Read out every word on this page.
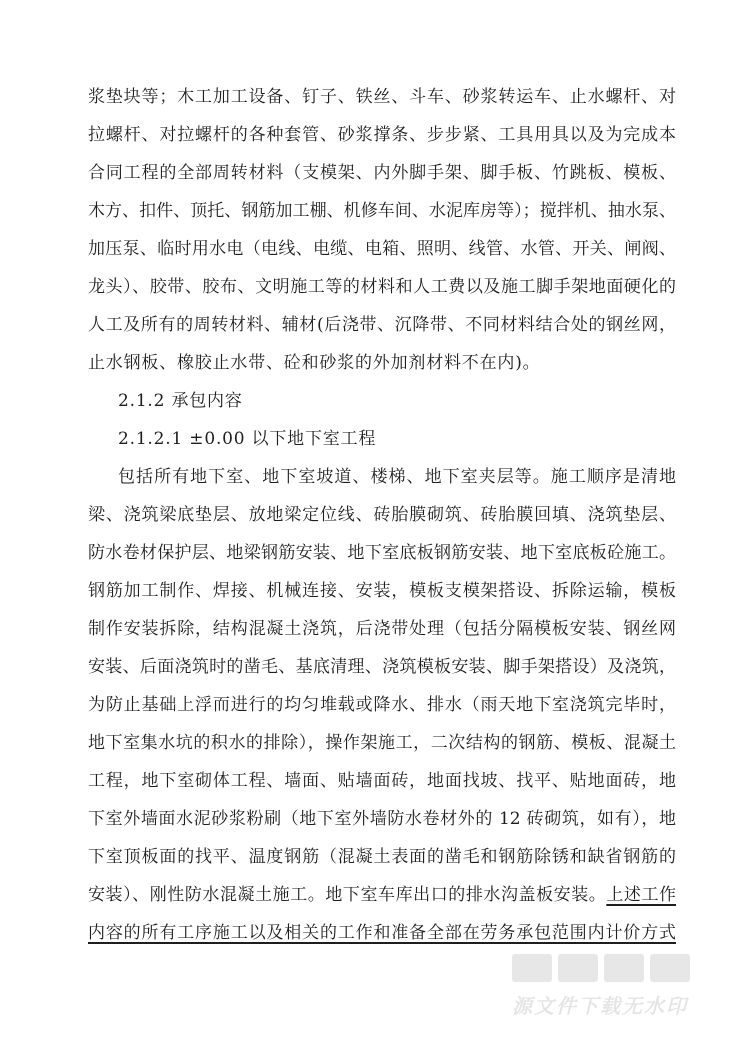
浆垫块等；木工加工设备、钉子、铁丝、斗车、砂浆转运车、止水螺杆、对
拉螺杆、对拉螺杆的各种套管、砂浆撑条、步步紧、工具用具以及为完成本
合同工程的全部周转材料（支模架、内外脚手架、脚手板、竹跳板、模板、
木方、扣件、顶托、钢筋加工棚、机修车间、水泥库房等）；搅拌机、抽水泵、
加压泵、临时用水电（电线、电缆、电箱、照明、线管、水管、开关、闸阀、
龙头）、胶带、胶布、文明施工等的材料和人工费以及施工脚手架地面硬化的
人工及所有的周转材料、辅材(后浇带、沉降带、不同材料结合处的钢丝网，
止水钢板、橡胶止水带、砼和砂浆的外加剂材料不在内)。
2.1.2 承包内容
2.1.2.1 ±0.00 以下地下室工程
包括所有地下室、地下室坡道、楼梯、地下室夹层等。施工顺序是清地
梁、浇筑梁底垫层、放地梁定位线、砖胎膜砌筑、砖胎膜回填、浇筑垫层、
防水卷材保护层、地梁钢筋安装、地下室底板钢筋安装、地下室底板砼施工。
钢筋加工制作、焊接、机械连接、安装，模板支模架搭设、拆除运输，模板
制作安装拆除，结构混凝土浇筑，后浇带处理（包括分隔模板安装、钢丝网
安装、后面浇筑时的凿毛、基底清理、浇筑模板安装、脚手架搭设）及浇筑，
为防止基础上浮而进行的均匀堆载或降水、排水（雨天地下室浇筑完毕时，
地下室集水坑的积水的排除），操作架施工，二次结构的钢筋、模板、混凝土
工程，地下室砌体工程、墙面、贴墙面砖，地面找坡、找平、贴地面砖，地
下室外墙面水泥砂浆粉刷（地下室外墙防水卷材外的 12 砖砌筑，如有），地
下室顶板面的找平、温度钢筋（混凝土表面的凿毛和钢筋除锈和缺省钢筋的
安装）、刚性防水混凝土施工。地下室车库出口的排水沟盖板安装。上述工作
内容的所有工序施工以及相关的工作和准备全部在劳务承包范围内计价方式
源文件下载无水印
